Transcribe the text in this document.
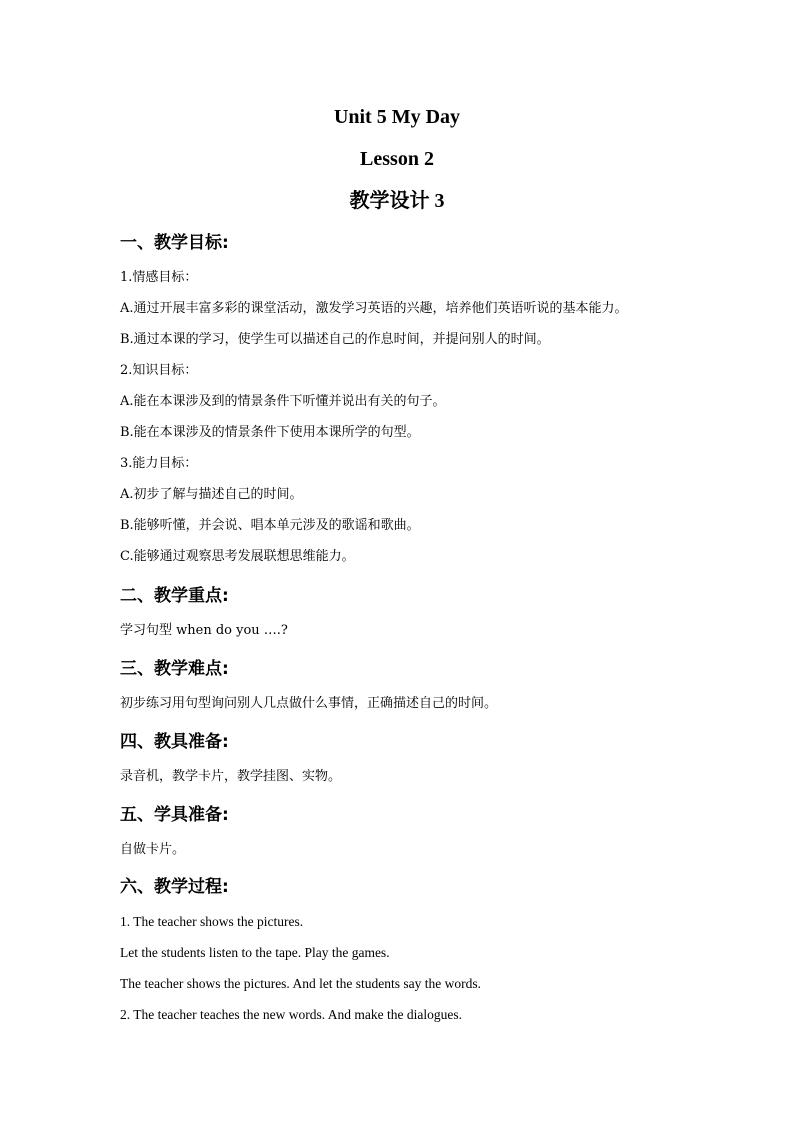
Unit 5 My Day
Lesson 2
教学设计 3
一、教学目标:
1.情感目标：
A.通过开展丰富多彩的课堂活动，激发学习英语的兴趣，培养他们英语听说的基本能力。
B.通过本课的学习，使学生可以描述自己的作息时间，并提问别人的时间。
2.知识目标：
A.能在本课涉及到的情景条件下听懂并说出有关的句子。
B.能在本课涉及的情景条件下使用本课所学的句型。
3.能力目标：
A.初步了解与描述自己的时间。
B.能够听懂，并会说、唱本单元涉及的歌谣和歌曲。
C.能够通过观察思考发展联想思维能力。
二、教学重点:
学习句型 when do you ….?
三、教学难点:
初步练习用句型询问别人几点做什么事情，正确描述自己的时间。
四、教具准备:
录音机，教学卡片，教学挂图、实物。
五、学具准备:
自做卡片。
六、教学过程:
1. The teacher shows the pictures.
Let the students listen to the tape. Play the games.
The teacher shows the pictures. And let the students say the words.
2. The teacher teaches the new words. And make the dialogues.
